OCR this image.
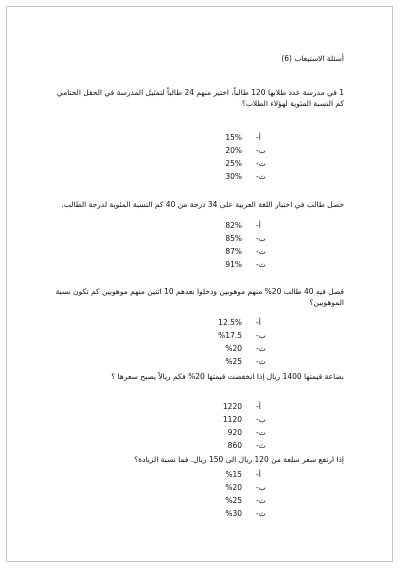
أسئلة الاستيعاب (6)
1 في مدرسة عدد طلابها 120 طالباً، اختير منهم 24 طالباً لتمثيل المدرسة في الحفل الختامي كم النسبة المئوية لهؤلاء الطلاب؟
أ-
15%
ب-
20%
ت-
25%
ث-
30%
حصل طالب في اختبار اللغة العربية على 34 درجة من 40 كم النسبة المئوية لدرجة الطالب.
أ-
82%
ب-
85%
ت-
87%
ث-
91%
فصل فيه 40 طالب 20% منهم موهوبين ودخلوا بعدهم 10 اثنين منهم موهوبين كم تكون نسبة الموهوبين؟
أ-
12.5%
ب-
%17.5
ت-
%20
ث-
%25
بضاعة قيمتها 1400 ريال إذا انخفضت قيمتها 20% فكم ريالاً يصبح سعرها ؟
أ-
1220
ب-
1120
ت-
920
ث-
860
إذا ارتفع سعر سلعة من 120 ريال الى 150 ريال. فما نسبة الزيادة؟
أ-
%15
ب-
%20
ت-
%25
ث-
%30
